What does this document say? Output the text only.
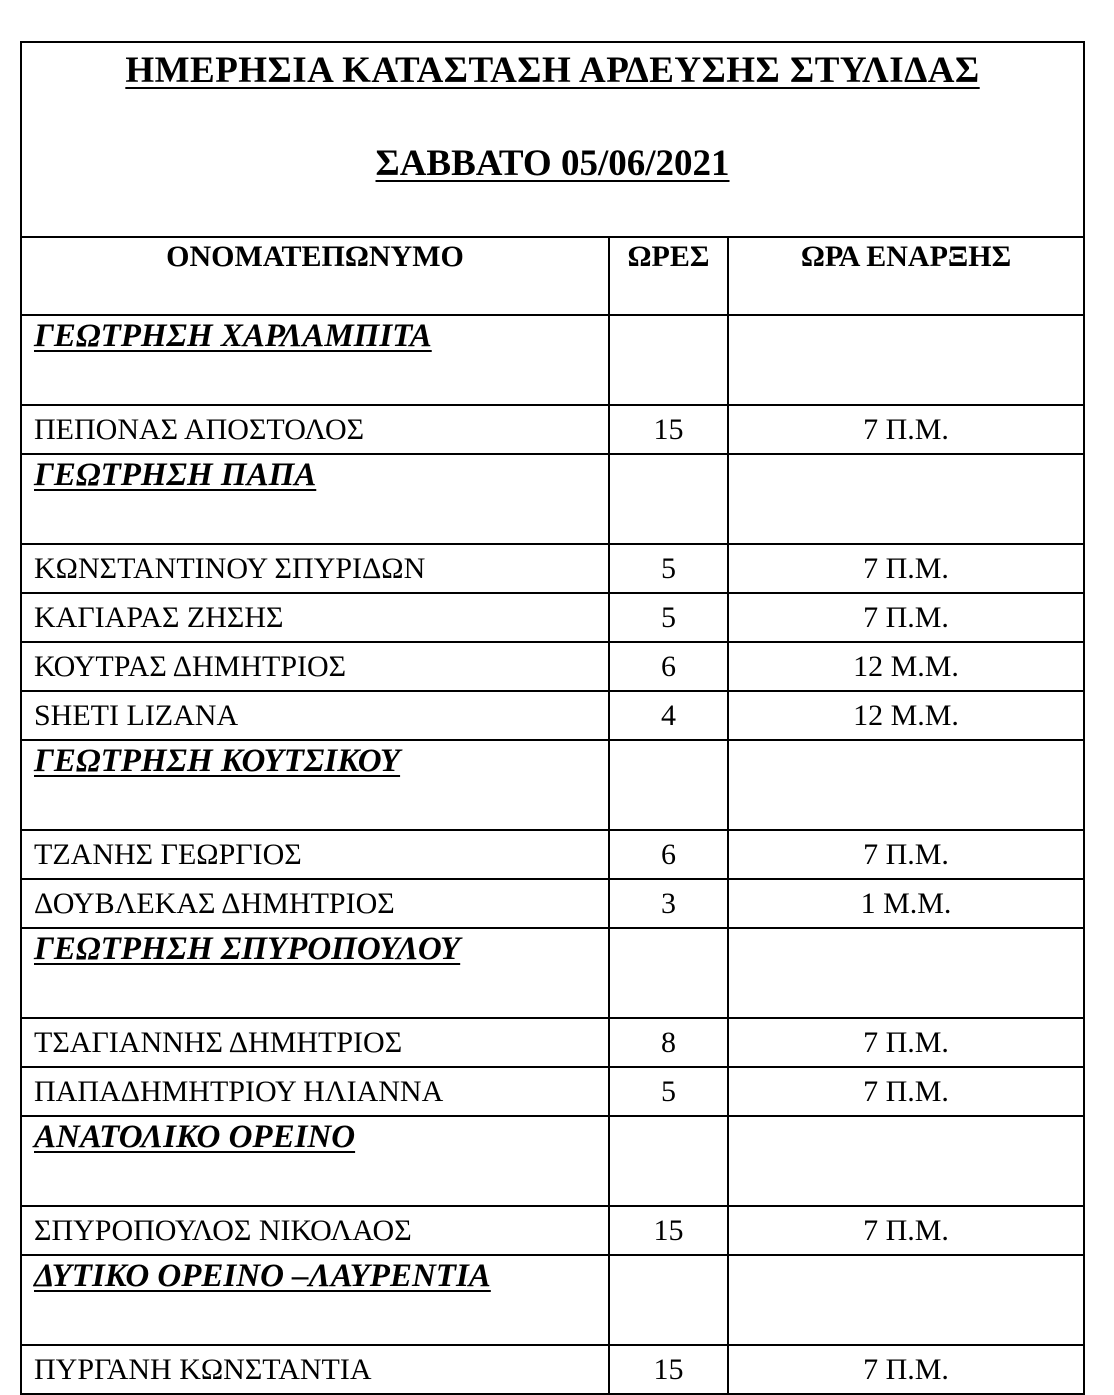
ΗΜΕΡΗΣΙΑ ΚΑΤΑΣΤΑΣΗ ΑΡΔΕΥΣΗΣ ΣΤΥΛΙΔΑΣ
ΣΑΒΒΑΤΟ 05/06/2021		

ΟΝΟΜΑΤΕΠΩΝΥΜΟ	ΩΡΕΣ	ΩΡΑ ΕΝΑΡΞΗΣ
ΓΕΩΤΡΗΣΗ ΧΑΡΛΑΜΠΙΤΑ		
ΠΕΠΟΝΑΣ ΑΠΟΣΤΟΛΟΣ	15	7 Π.Μ.
ΓΕΩΤΡΗΣΗ ΠΑΠΑ		
ΚΩΝΣΤΑΝΤΙΝΟΥ ΣΠΥΡΙΔΩΝ	5	7 Π.Μ.
ΚΑΓΙΑΡΑΣ ΖΗΣΗΣ	5	7 Π.Μ.
ΚΟΥΤΡΑΣ ΔΗΜΗΤΡΙΟΣ	6	12 Μ.Μ.
SHETI LIZANA	4	12 Μ.Μ.
ΓΕΩΤΡΗΣΗ ΚΟΥΤΣΙΚΟΥ		
ΤΖΑΝΗΣ ΓΕΩΡΓΙΟΣ	6	7 Π.Μ.
ΔΟΥΒΛΕΚΑΣ ΔΗΜΗΤΡΙΟΣ	3	1 Μ.Μ.
ΓΕΩΤΡΗΣΗ ΣΠΥΡΟΠΟΥΛΟΥ		
ΤΣΑΓΙΑΝΝΗΣ ΔΗΜΗΤΡΙΟΣ	8	7 Π.Μ.
ΠΑΠΑΔΗΜΗΤΡΙΟΥ ΗΛΙΑΝΝΑ	5	7 Π.Μ.
ΑΝΑΤΟΛΙΚΟ ΟΡΕΙΝΟ		
ΣΠΥΡΟΠΟΥΛΟΣ ΝΙΚΟΛΑΟΣ	15	7 Π.Μ.
ΔΥΤΙΚΟ ΟΡΕΙΝΟ –ΛΑΥΡΕΝΤΙΑ		
ΠΥΡΓΑΝΗ ΚΩΝΣΤΑΝΤΙΑ	15	7 Π.Μ.
